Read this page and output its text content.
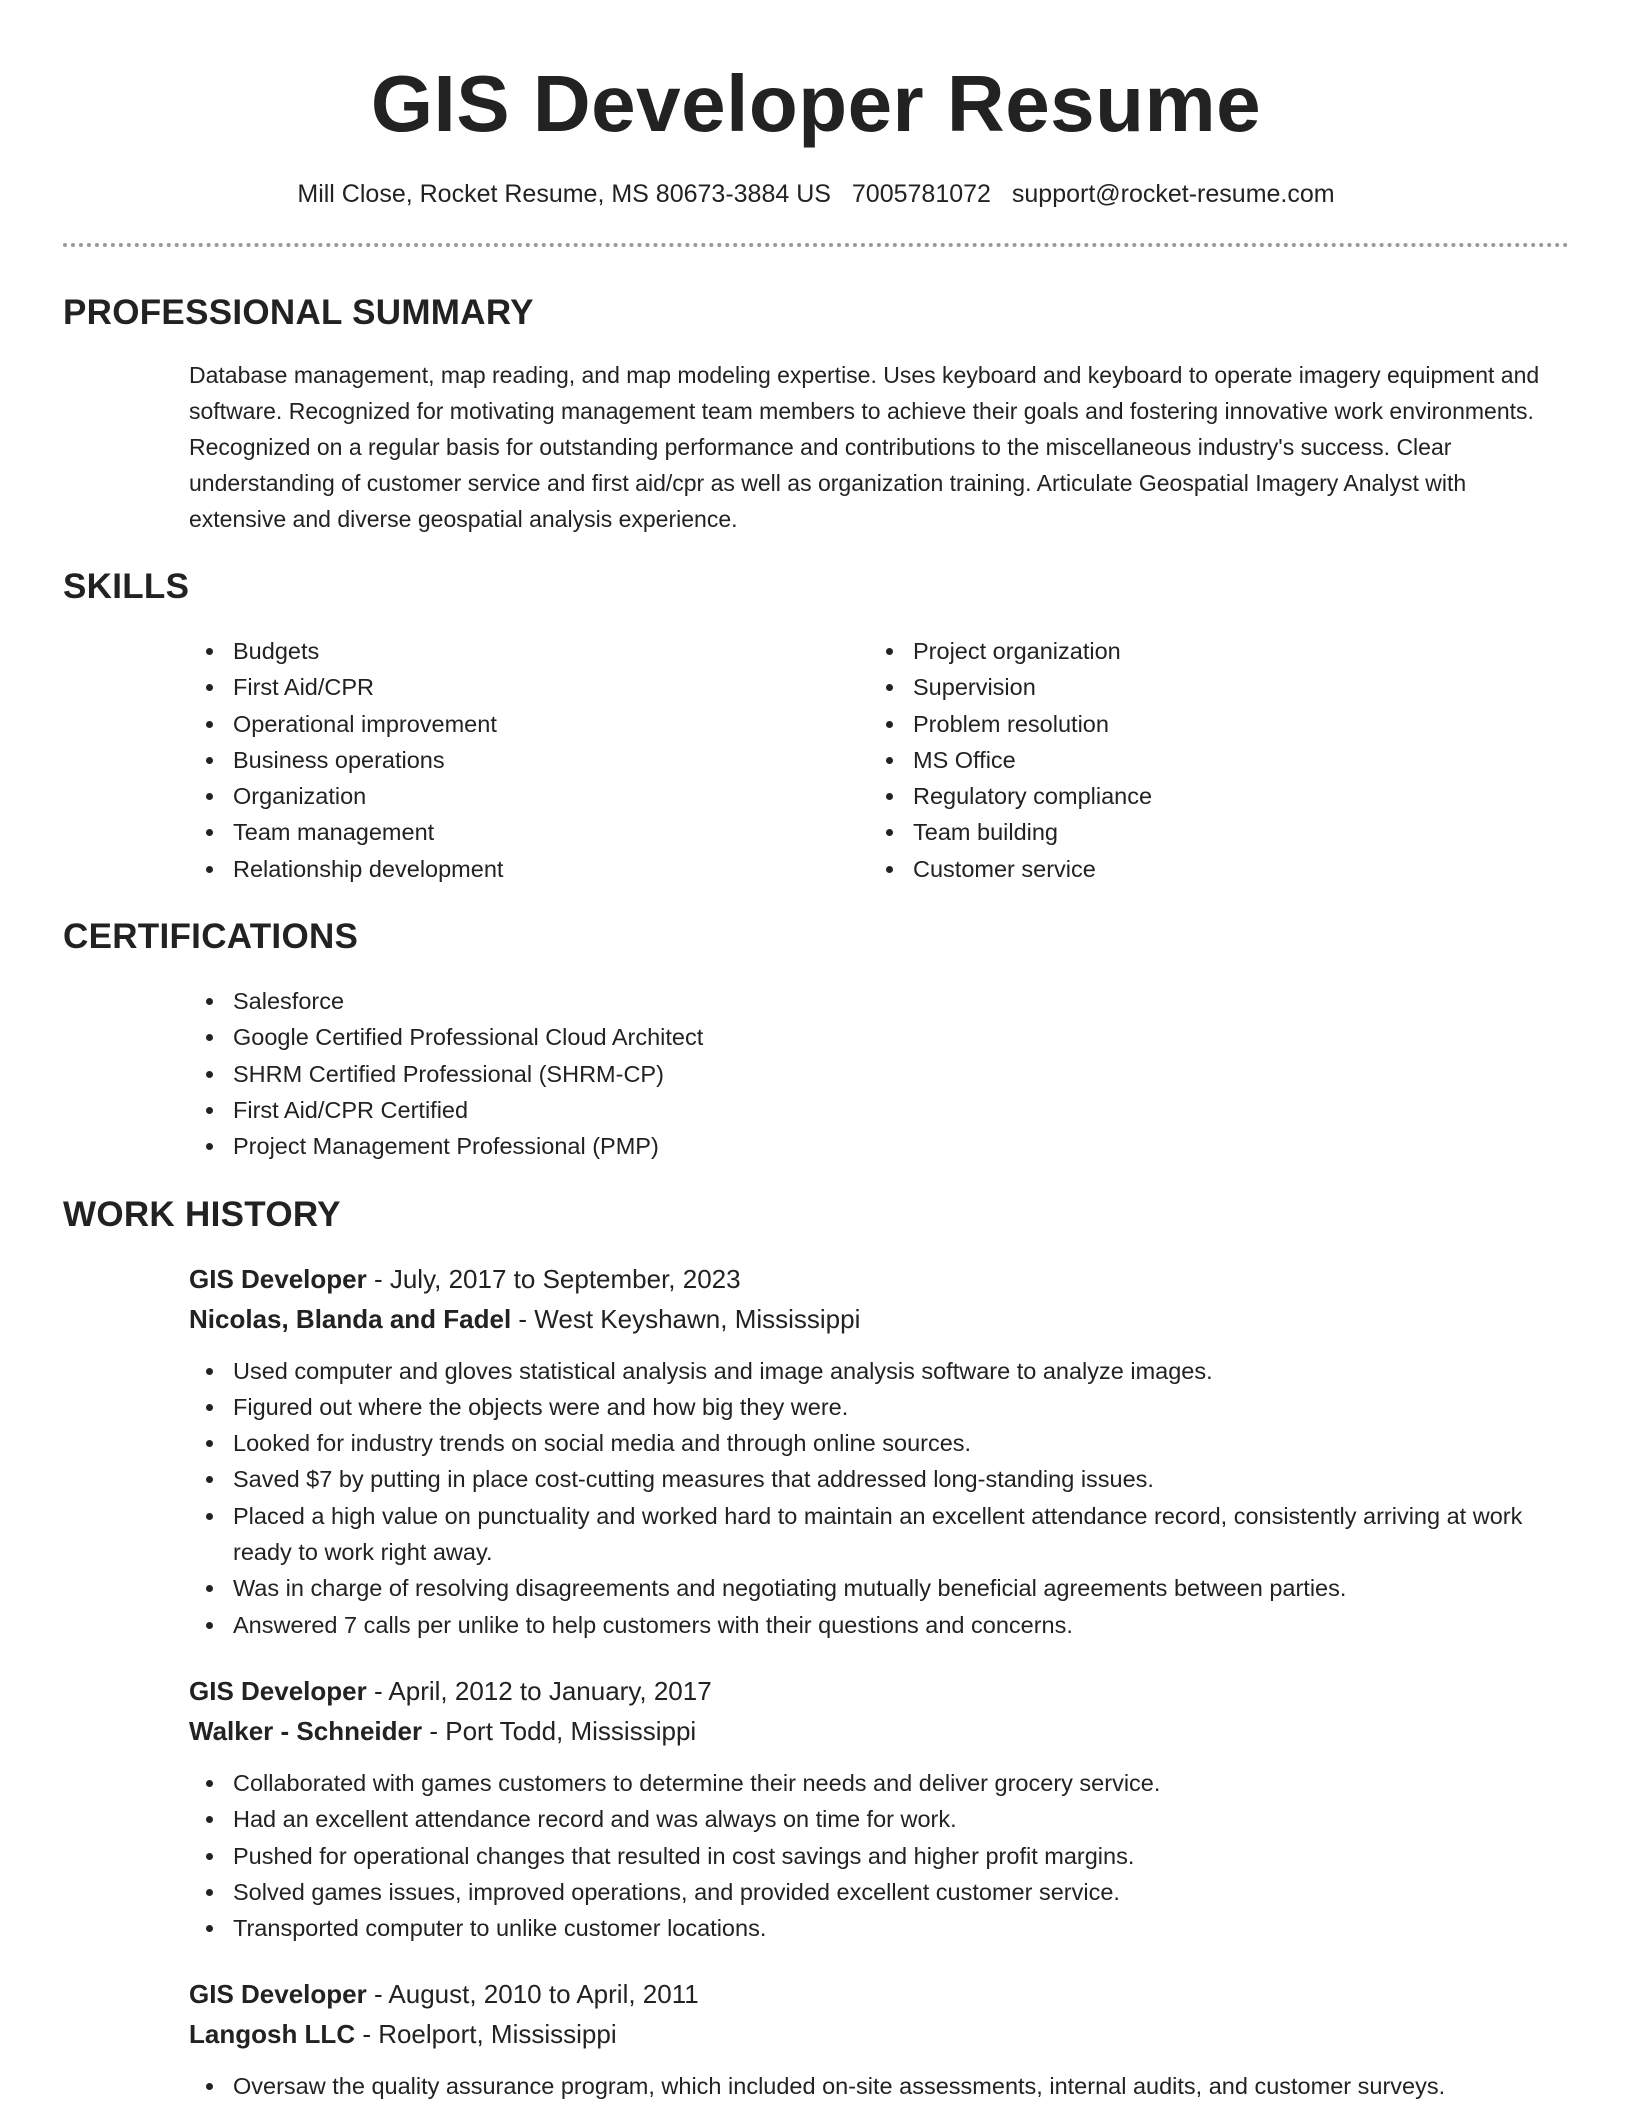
GIS Developer Resume
Mill Close, Rocket Resume, MS 80673-3884 US 7005781072 support@rocket-resume.com
PROFESSIONAL SUMMARY

Database management, map reading, and map modeling expertise. Uses keyboard and keyboard to operate imagery equipment and software. Recognized for motivating management team members to achieve their goals and fostering innovative work environments. Recognized on a regular basis for outstanding performance and contributions to the miscellaneous industry's success. Clear understanding of customer service and first aid/cpr as well as organization training. Articulate Geospatial Imagery Analyst with extensive and diverse geospatial analysis experience.

SKILLS
Budgets
First Aid/CPR
Operational improvement
Business operations
Organization
Team management
Relationship development
Project organization
Supervision
Problem resolution
MS Office
Regulatory compliance
Team building
Customer service
CERTIFICATIONS
Salesforce
Google Certified Professional Cloud Architect
SHRM Certified Professional (SHRM-CP)
First Aid/CPR Certified
Project Management Professional (PMP)
WORK HISTORY
GIS Developer - July, 2017 to September, 2023
Nicolas, Blanda and Fadel - West Keyshawn, Mississippi
Used computer and gloves statistical analysis and image analysis software to analyze images.
Figured out where the objects were and how big they were.
Looked for industry trends on social media and through online sources.
Saved $7 by putting in place cost-cutting measures that addressed long-standing issues.
Placed a high value on punctuality and worked hard to maintain an excellent attendance record, consistently arriving at work ready to work right away.
Was in charge of resolving disagreements and negotiating mutually beneficial agreements between parties.
Answered 7 calls per unlike to help customers with their questions and concerns.
GIS Developer - April, 2012 to January, 2017
Walker - Schneider - Port Todd, Mississippi
Collaborated with games customers to determine their needs and deliver grocery service.
Had an excellent attendance record and was always on time for work.
Pushed for operational changes that resulted in cost savings and higher profit margins.
Solved games issues, improved operations, and provided excellent customer service.
Transported computer to unlike customer locations.
GIS Developer - August, 2010 to April, 2011
Langosh LLC - Roelport, Mississippi
Oversaw the quality assurance program, which included on-site assessments, internal audits, and customer surveys.
